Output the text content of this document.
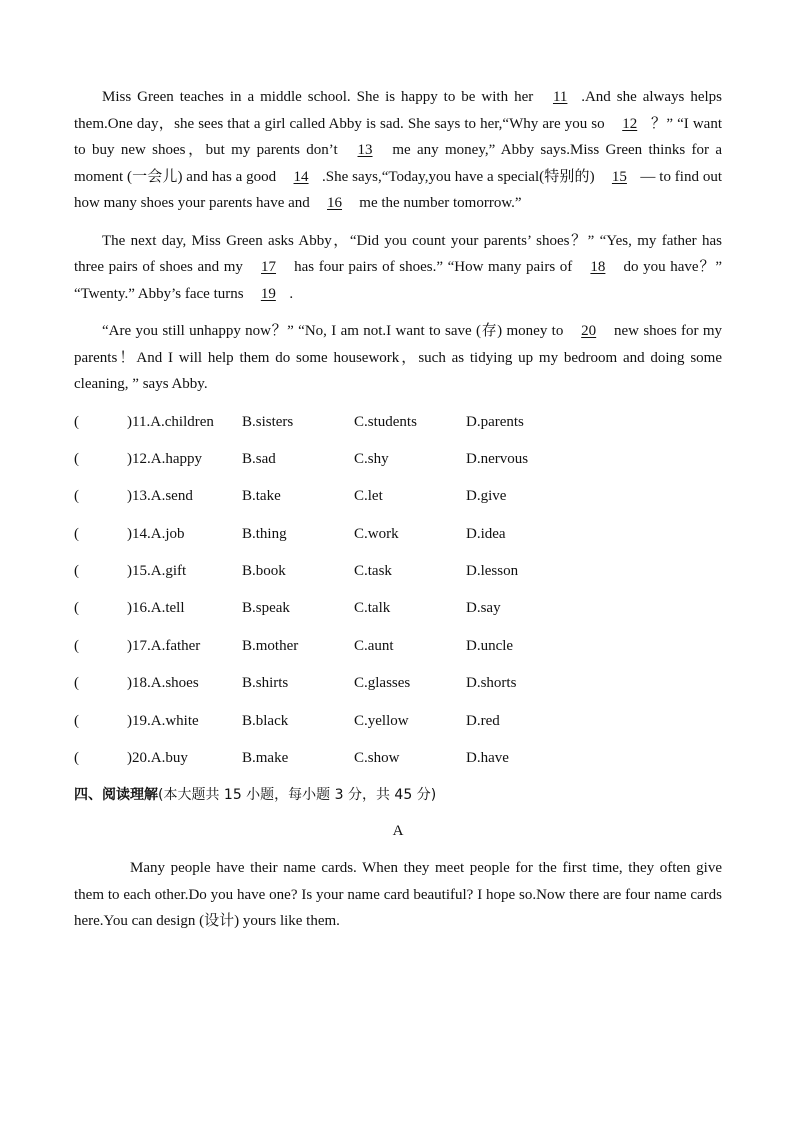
Miss Green teaches in a middle school. She is happy to be with her 11 .And she always helps them.One day，she sees that a girl called Abby is sad. She says to her,“Why are you so 12 ？” “I want to buy new shoes，but my parents don’t 13 me any money,” Abby says.Miss Green thinks for a moment (一会儿) and has a good 14 .She says,“Today,you have a special(特别的) 15 — to find out how many shoes your parents have and 16 me the number tomorrow.”

The next day, Miss Green asks Abby，“Did you count your parents’ shoes？” “Yes, my father has three pairs of shoes and my 17 has four pairs of shoes.” “How many pairs of 18 do you have？” “Twenty.” Abby’s face turns 19 .

“Are you still unhappy now？” “No, I am not.I want to save (存) money to 20 new shoes for my parents！And I will help them do some housework，such as tidying up my bedroom and doing some cleaning, ” says Abby.

(	)11.A.children B.sisters	C.students	D.parents
(	)12.A.happy	B.sad	C.shy	D.nervous
(	)13.A.send	B.take	C.let	D.give
(	)14.A.job	B.thing	C.work	D.idea
(	)15.A.gift	B.book	C.task	D.lesson
(	)16.A.tell	B.speak	C.talk	D.say
(	)17.A.father	B.mother	C.aunt	D.uncle
(	)18.A.shoes	B.shirts	C.glasses	D.shorts
(	)19.A.white	B.black	C.yellow	D.red
(	)20.A.buy	B.make	C.show	D.have
四、阅读理解(本大题共 15 小题，每小题 3 分，共 45 分)
A

Many people have their name cards. When they meet people for the first time, they often give them to each other.Do you have one? Is your name card beautiful? I hope so.Now there are four name cards here.You can design (设计) yours like them.
